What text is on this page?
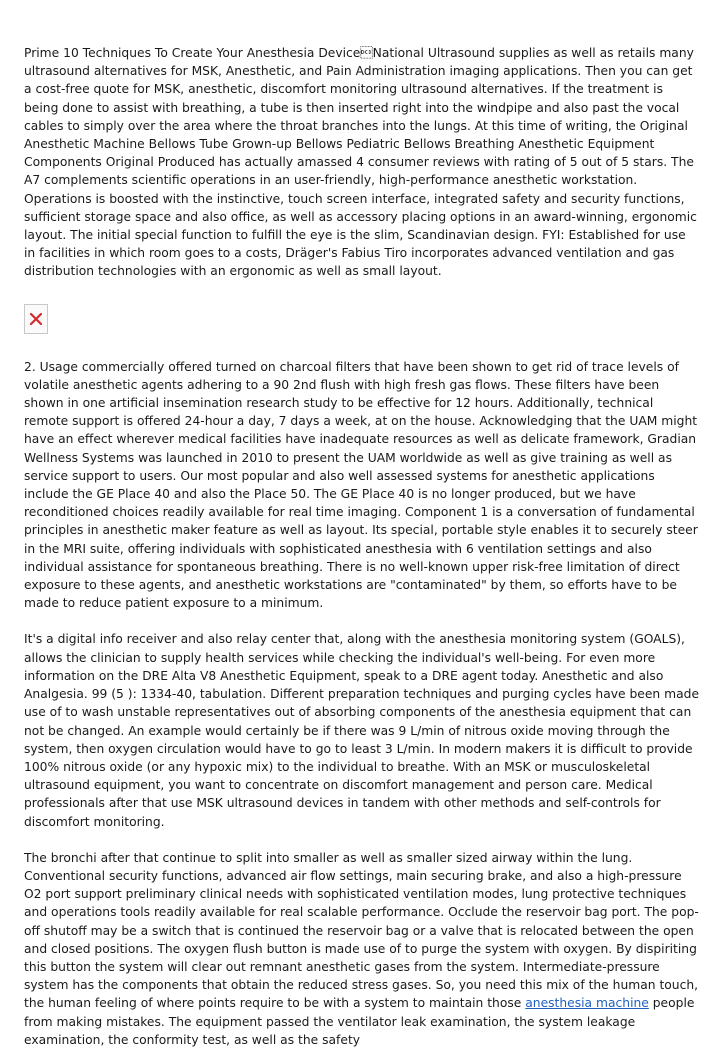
Prime 10 Techniques To Create Your Anesthesia DeviceNational Ultrasound supplies as well as retails many ultrasound alternatives for MSK, Anesthetic, and Pain Administration imaging applications. Then you can get a cost-free quote for MSK, anesthetic, discomfort monitoring ultrasound alternatives. If the treatment is being done to assist with breathing, a tube is then inserted right into the windpipe and also past the vocal cables to simply over the area where the throat branches into the lungs. At this time of writing, the Original Anesthetic Machine Bellows Tube Grown-up Bellows Pediatric Bellows Breathing Anesthetic Equipment Components Original Produced has actually amassed 4 consumer reviews with rating of 5 out of 5 stars. The A7 complements scientific operations in an user-friendly, high-performance anesthetic workstation. Operations is boosted with the instinctive, touch screen interface, integrated safety and security functions, sufficient storage space and also office, as well as accessory placing options in an award-winning, ergonomic layout. The initial special function to fulfill the eye is the slim, Scandinavian design. FYI: Established for use in facilities in which room goes to a costs, Dräger's Fabius Tiro incorporates advanced ventilation and gas distribution technologies with an ergonomic as well as small layout.

2. Usage commercially offered turned on charcoal filters that have been shown to get rid of trace levels of volatile anesthetic agents adhering to a 90 2nd flush with high fresh gas flows. These filters have been shown in one artificial insemination research study to be effective for 12 hours. Additionally, technical remote support is offered 24-hour a day, 7 days a week, at on the house. Acknowledging that the UAM might have an effect wherever medical facilities have inadequate resources as well as delicate framework, Gradian Wellness Systems was launched in 2010 to present the UAM worldwide as well as give training as well as service support to users. Our most popular and also well assessed systems for anesthetic applications include the GE Place 40 and also the Place 50. The GE Place 40 is no longer produced, but we have reconditioned choices readily available for real time imaging. Component 1 is a conversation of fundamental principles in anesthetic maker feature as well as layout. Its special, portable style enables it to securely steer in the MRI suite, offering individuals with sophisticated anesthesia with 6 ventilation settings and also individual assistance for spontaneous breathing. There is no well-known upper risk-free limitation of direct exposure to these agents, and anesthetic workstations are "contaminated" by them, so efforts have to be made to reduce patient exposure to a minimum.

It's a digital info receiver and also relay center that, along with the anesthesia monitoring system (GOALS), allows the clinician to supply health services while checking the individual's well-being. For even more information on the DRE Alta V8 Anesthetic Equipment, speak to a DRE agent today. Anesthetic and also Analgesia. 99 (5 ): 1334-40, tabulation. Different preparation techniques and purging cycles have been made use of to wash unstable representatives out of absorbing components of the anesthesia equipment that can not be changed. An example would certainly be if there was 9 L/min of nitrous oxide moving through the system, then oxygen circulation would have to go to least 3 L/min. In modern makers it is difficult to provide 100% nitrous oxide (or any hypoxic mix) to the individual to breathe. With an MSK or musculoskeletal ultrasound equipment, you want to concentrate on discomfort management and person care. Medical professionals after that use MSK ultrasound devices in tandem with other methods and self-controls for discomfort monitoring.

The bronchi after that continue to split into smaller as well as smaller sized airway within the lung. Conventional security functions, advanced air flow settings, main securing brake, and also a high-pressure O2 port support preliminary clinical needs with sophisticated ventilation modes, lung protective techniques and operations tools readily available for real scalable performance. Occlude the reservoir bag port. The pop-off shutoff may be a switch that is continued the reservoir bag or a valve that is relocated between the open and closed positions. The oxygen flush button is made use of to purge the system with oxygen. By dispiriting this button the system will clear out remnant anesthetic gases from the system. Intermediate-pressure system has the components that obtain the reduced stress gases. So, you need this mix of the human touch, the human feeling of where points require to be with a system to maintain those anesthesia machine people from making mistakes. The equipment passed the ventilator leak examination, the system leakage examination, the conformity test, as well as the safety
